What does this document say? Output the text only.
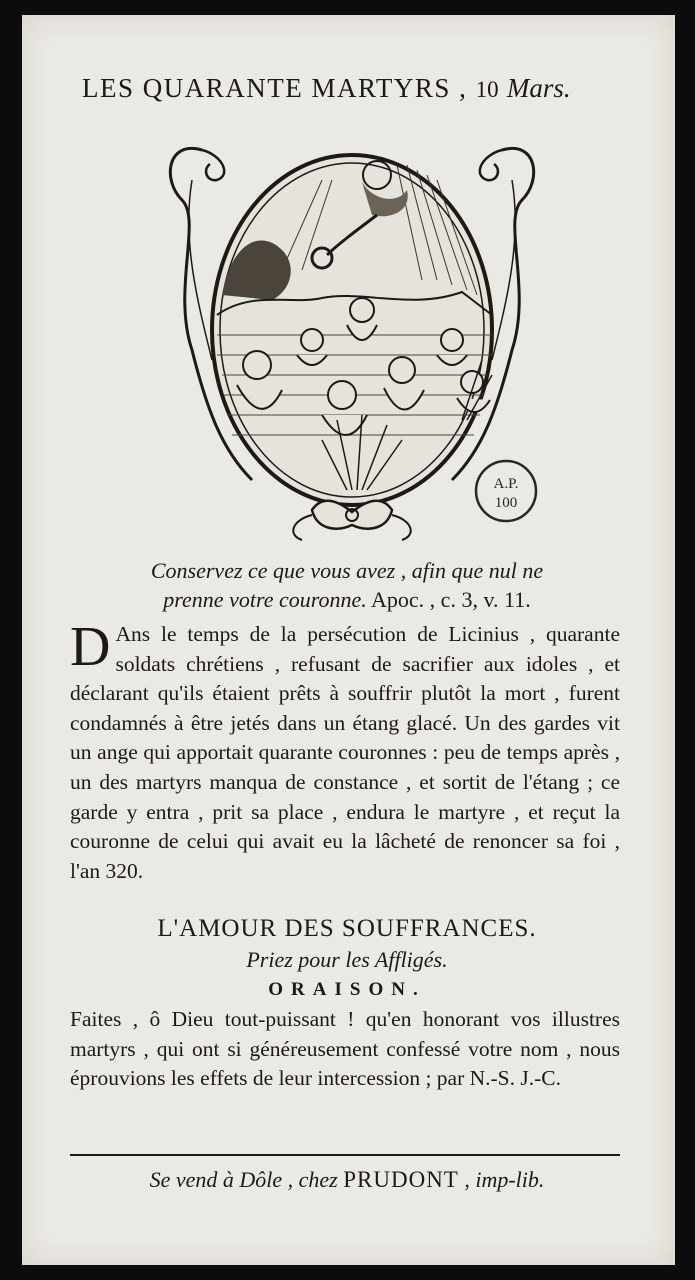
LES QUARANTE MARTYRS , 10 Mars.
A.P.
100
Conservez ce que vous avez , afin que nul ne
prenne votre couronne. Apoc. , c. 3, v. 11.
D Ans le temps de la persécution de Licinius , quarante soldats chrétiens , refusant de sacrifier aux idoles , et déclarant qu'ils étaient prêts à souffrir plutôt la mort , furent condamnés à être jetés dans un étang glacé. Un des gardes vit un ange qui apportait quarante couronnes : peu de temps après , un des martyrs manqua de constance , et sortit de l'étang ; ce garde y entra , prit sa place , endura le martyre , et reçut la couronne de celui qui avait eu la lâcheté de renoncer sa foi , l'an 320.
L'AMOUR DES SOUFFRANCES.
Priez pour les Affligés.
ORAISON.
Faites , ô Dieu tout-puissant ! qu'en honorant vos illustres martyrs , qui ont si généreusement confessé votre nom , nous éprouvions les effets de leur intercession ; par N.-S. J.-C.
Se vend à Dôle , chez PRUDONT , imp-lib.
